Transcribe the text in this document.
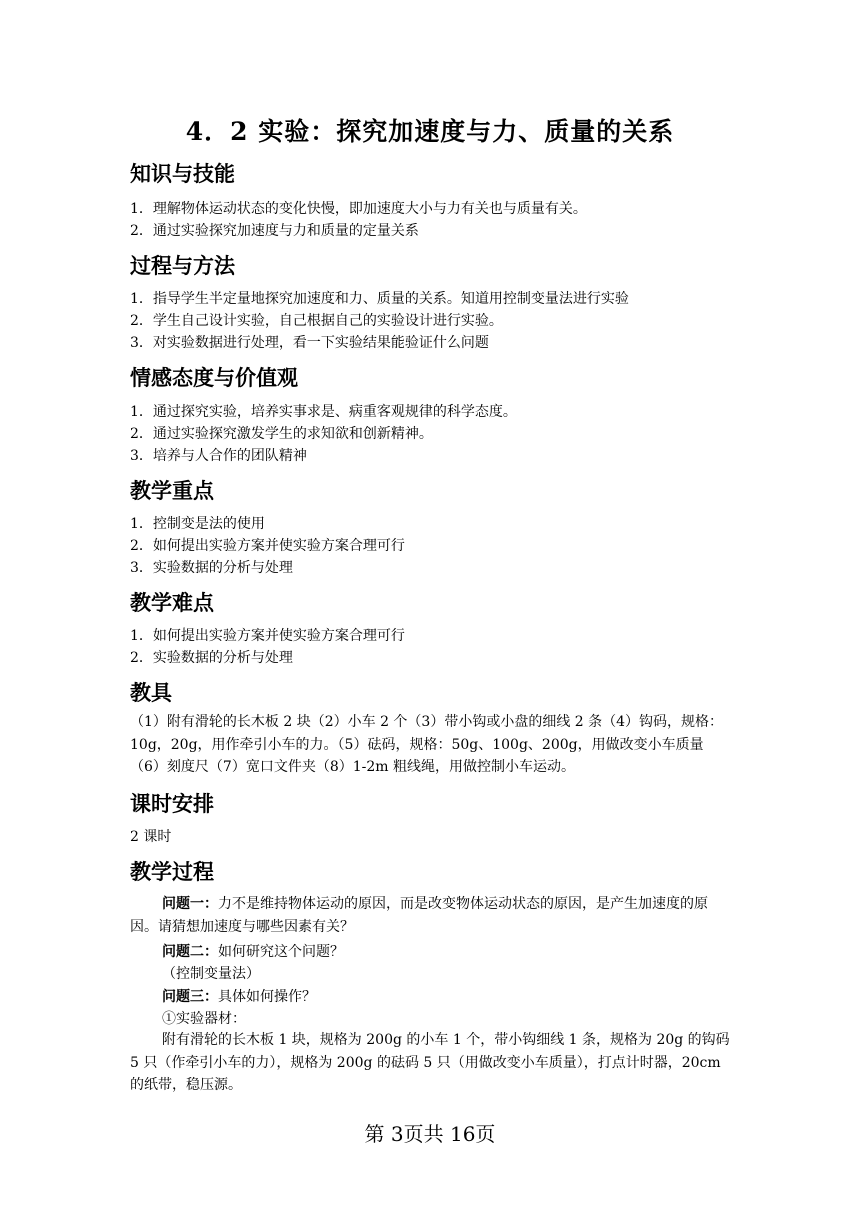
4．2 实验：探究加速度与力、质量的关系
知识与技能
1．理解物体运动状态的变化快慢，即加速度大小与力有关也与质量有关。
2．通过实验探究加速度与力和质量的定量关系
过程与方法
1．指导学生半定量地探究加速度和力、质量的关系。知道用控制变量法进行实验
2．学生自己设计实验，自己根据自己的实验设计进行实验。
3．对实验数据进行处理，看一下实验结果能验证什么问题
情感态度与价值观
1．通过探究实验，培养实事求是、病重客观规律的科学态度。
2．通过实验探究激发学生的求知欲和创新精神。
3．培养与人合作的团队精神
教学重点
1．控制变是法的使用
2．如何提出实验方案并使实验方案合理可行
3．实验数据的分析与处理
教学难点
1．如何提出实验方案并使实验方案合理可行
2．实验数据的分析与处理
教具
（1）附有滑轮的长木板 2 块（2）小车 2 个（3）带小钩或小盘的细线 2 条（4）钩码，规格：10g，20g，用作牵引小车的力。（5）砝码，规格：50g、100g、200g，用做改变小车质量（6）刻度尺（7）宽口文件夹（8）1-2m 粗线绳，用做控制小车运动。
课时安排
2 课时
教学过程
问题一：力不是维持物体运动的原因，而是改变物体运动状态的原因，是产生加速度的原因。请猜想加速度与哪些因素有关？
问题二：如何研究这个问题？
（控制变量法）
问题三：具体如何操作？
①实验器材：
附有滑轮的长木板 1 块，规格为 200g 的小车 1 个，带小钩细线 1 条，规格为 20g 的钩码 5 只（作牵引小车的力），规格为 200g 的砝码 5 只（用做改变小车质量），打点计时器，20cm 的纸带，稳压源。
第 3页共 16页
